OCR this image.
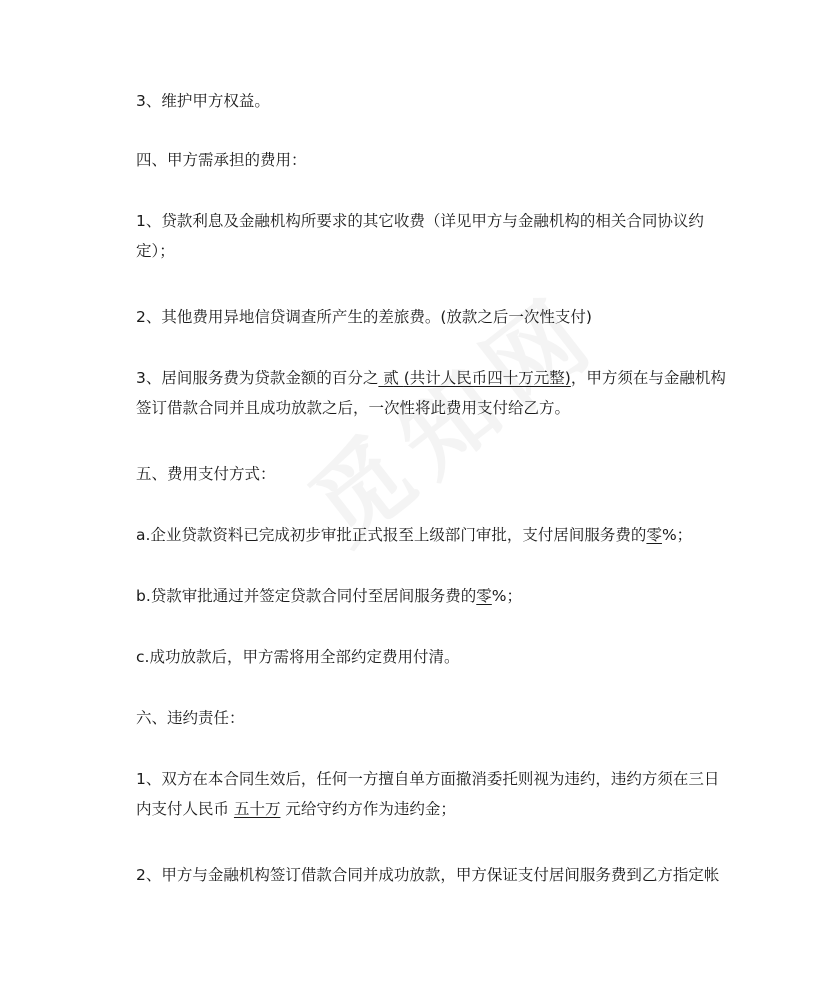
3、维护甲方权益。

四、甲方需承担的费用：

1、贷款利息及金融机构所要求的其它收费（详见甲方与金融机构的相关合同协议约定）；

2、其他费用异地信贷调查所产生的差旅费。(放款之后一次性支付)

3、居间服务费为贷款金额的百分之 贰 (共计人民币四十万元整)，甲方须在与金融机构签订借款合同并且成功放款之后，一次性将此费用支付给乙方。

五、费用支付方式：

a.企业贷款资料已完成初步审批正式报至上级部门审批，支付居间服务费的零%；

b.贷款审批通过并签定贷款合同付至居间服务费的零%；

c.成功放款后，甲方需将用全部约定费用付清。

六、违约责任：

1、双方在本合同生效后，任何一方擅自单方面撤消委托则视为违约，违约方须在三日内支付人民币 五十万 元给守约方作为违约金；

2、甲方与金融机构签订借款合同并成功放款，甲方保证支付居间服务费到乙方指定帐
